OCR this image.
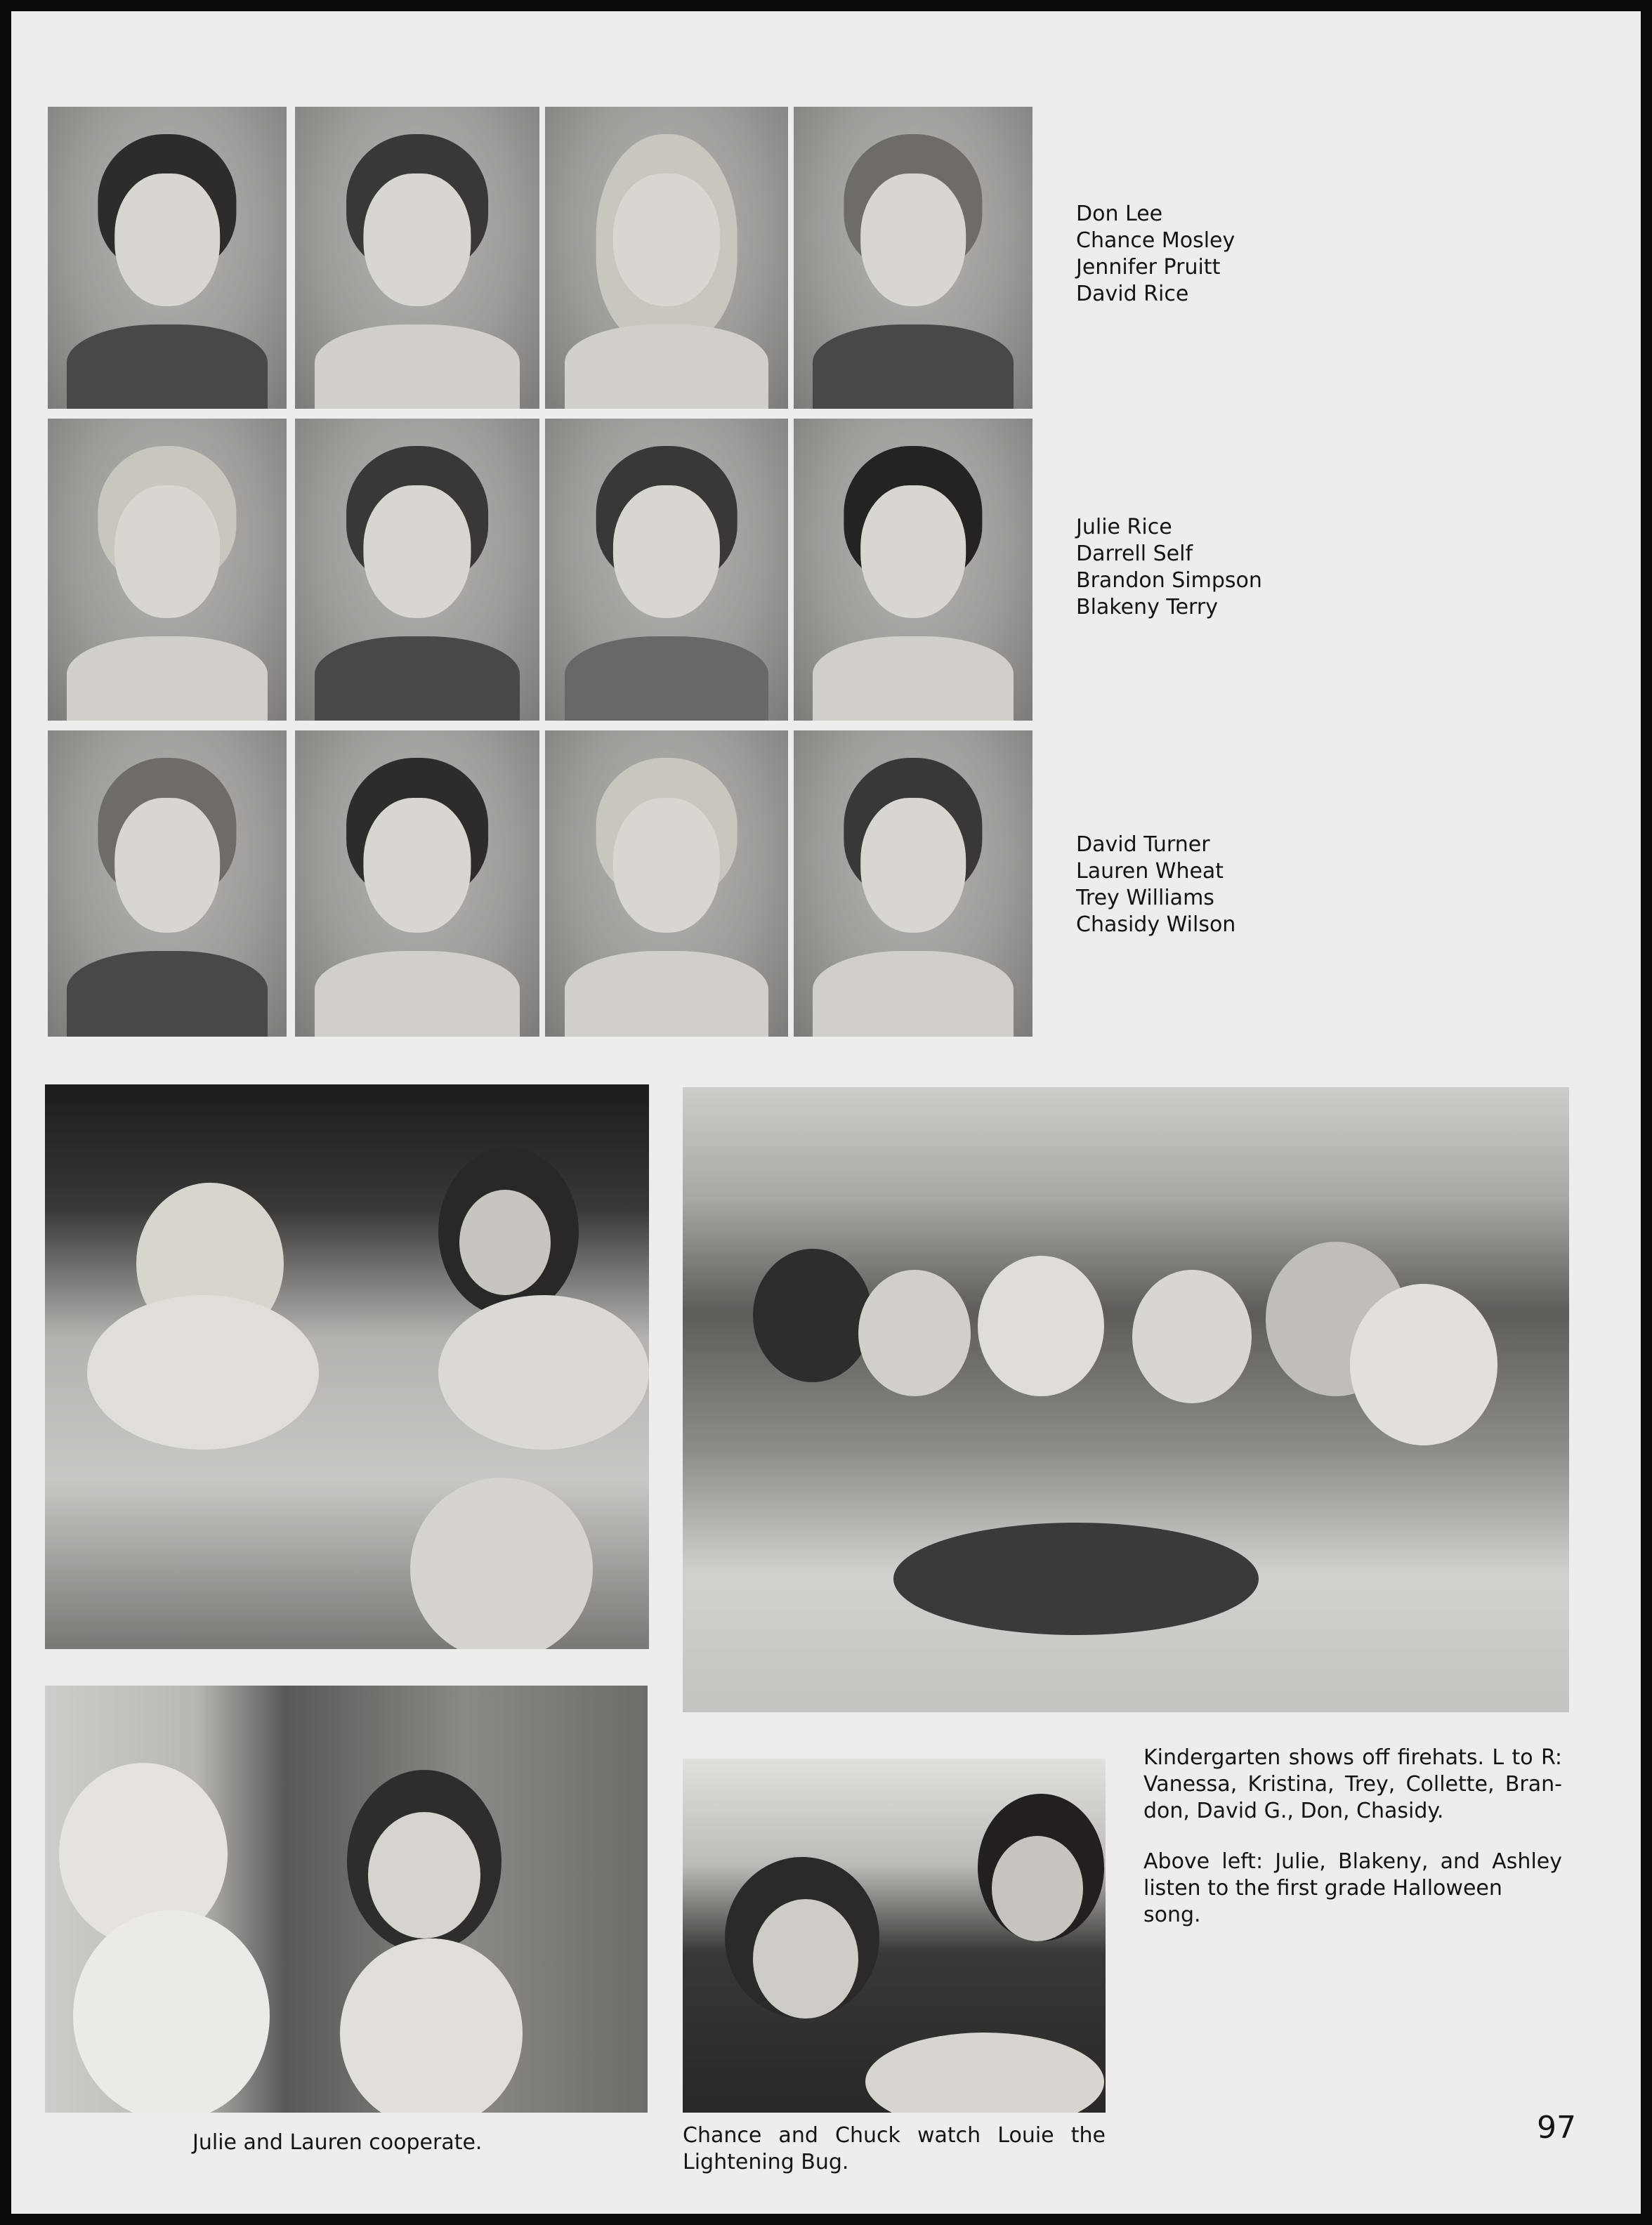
Don Lee
Chance Mosley
Jennifer Pruitt
David Rice
Julie Rice
Darrell Self
Brandon Simpson
Blakeny Terry
David Turner
Lauren Wheat
Trey Williams
Chasidy Wilson
Julie and Lauren cooperate.	Chance and Chuck watch Louie the
Lightening Bug.
Kindergarten shows off firehats. L to R:
Vanessa, Kristina, Trey, Collette, Bran-
don, David G., Don, Chasidy.
Above left: Julie, Blakeny, and Ashley
listen to the first grade Halloween song.
97
